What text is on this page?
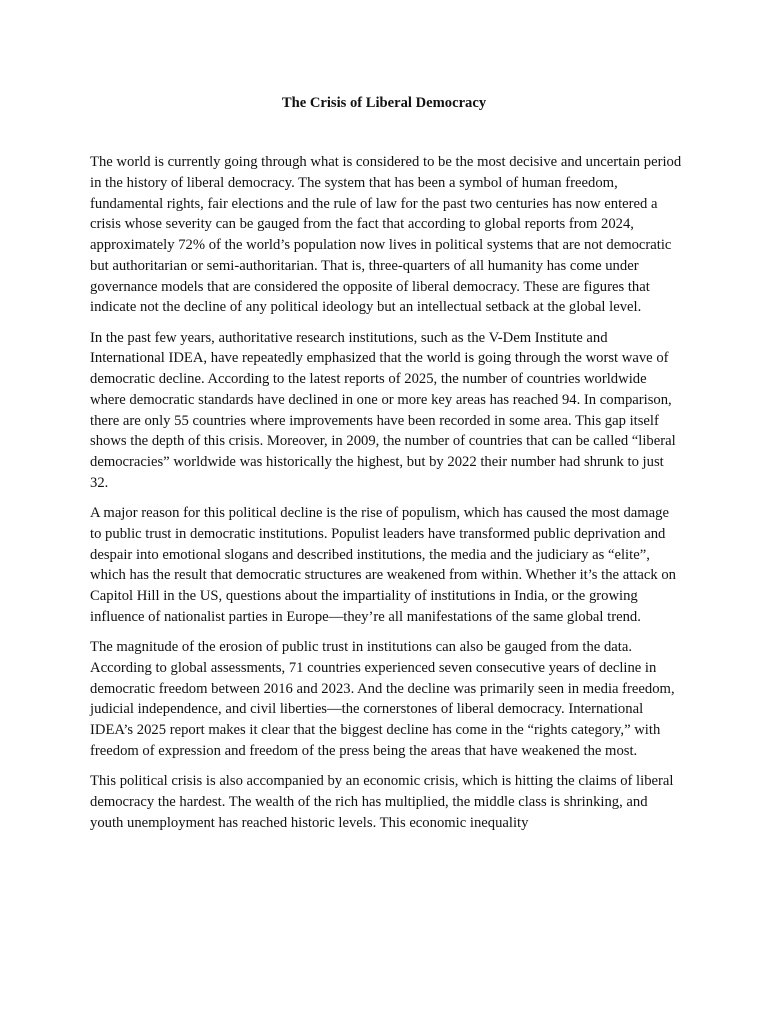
The Crisis of Liberal Democracy

The world is currently going through what is considered to be the most decisive and uncertain period in the history of liberal democracy. The system that has been a symbol of human freedom, fundamental rights, fair elections and the rule of law for the past two centuries has now entered a crisis whose severity can be gauged from the fact that according to global reports from 2024, approximately 72% of the world’s population now lives in political systems that are not democratic but authoritarian or semi-authoritarian. That is, three-quarters of all humanity has come under governance models that are considered the opposite of liberal democracy. These are figures that indicate not the decline of any political ideology but an intellectual setback at the global level.

In the past few years, authoritative research institutions, such as the V-Dem Institute and International IDEA, have repeatedly emphasized that the world is going through the worst wave of democratic decline. According to the latest reports of 2025, the number of countries worldwide where democratic standards have declined in one or more key areas has reached 94. In comparison, there are only 55 countries where improvements have been recorded in some area. This gap itself shows the depth of this crisis. Moreover, in 2009, the number of countries that can be called “liberal democracies” worldwide was historically the highest, but by 2022 their number had shrunk to just 32.

A major reason for this political decline is the rise of populism, which has caused the most damage to public trust in democratic institutions. Populist leaders have transformed public deprivation and despair into emotional slogans and described institutions, the media and the judiciary as “elite”, which has the result that democratic structures are weakened from within. Whether it’s the attack on Capitol Hill in the US, questions about the impartiality of institutions in India, or the growing influence of nationalist parties in Europe—they’re all manifestations of the same global trend.

The magnitude of the erosion of public trust in institutions can also be gauged from the data. According to global assessments, 71 countries experienced seven consecutive years of decline in democratic freedom between 2016 and 2023. And the decline was primarily seen in media freedom, judicial independence, and civil liberties—the cornerstones of liberal democracy. International IDEA’s 2025 report makes it clear that the biggest decline has come in the “rights category,” with freedom of expression and freedom of the press being the areas that have weakened the most.

This political crisis is also accompanied by an economic crisis, which is hitting the claims of liberal democracy the hardest. The wealth of the rich has multiplied, the middle class is shrinking, and youth unemployment has reached historic levels. This economic inequality
